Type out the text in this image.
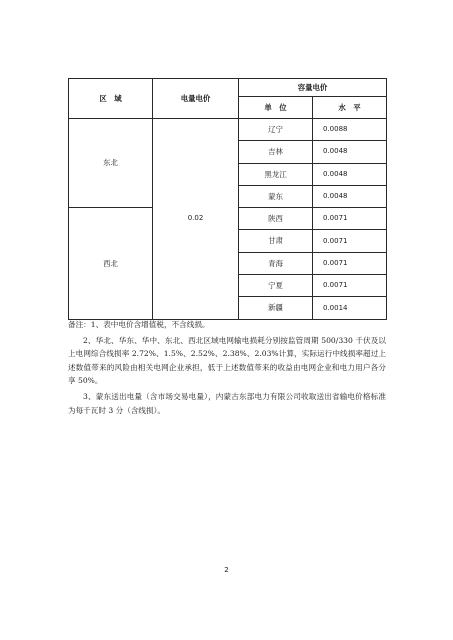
区　域	电量电价	容量电价	
		单　位	水　平
东北	0.02	辽宁	0.0088
		吉林	0.0048
		黑龙江	0.0048
		蒙东	0.0048
西北		陕西	0.0071
		甘肃	0.0071
		青海	0.0071
		宁夏	0.0071
		新疆	0.0014

备注：1、表中电价含增值税，不含线损。

2、华北、华东、华中、东北、西北区域电网输电损耗分别按监管周期 500/330 千伏及以上电网综合线损率 2.72%、1.5%、2.52%、2.38%、2.03%计算，实际运行中线损率超过上述数值带来的风险由相关电网企业承担，低于上述数值带来的收益由电网企业和电力用户各分享 50%。

3、蒙东送出电量（含市场交易电量），内蒙古东部电力有限公司收取送出省输电价格标准为每千瓦时 3 分（含线损）。

2
